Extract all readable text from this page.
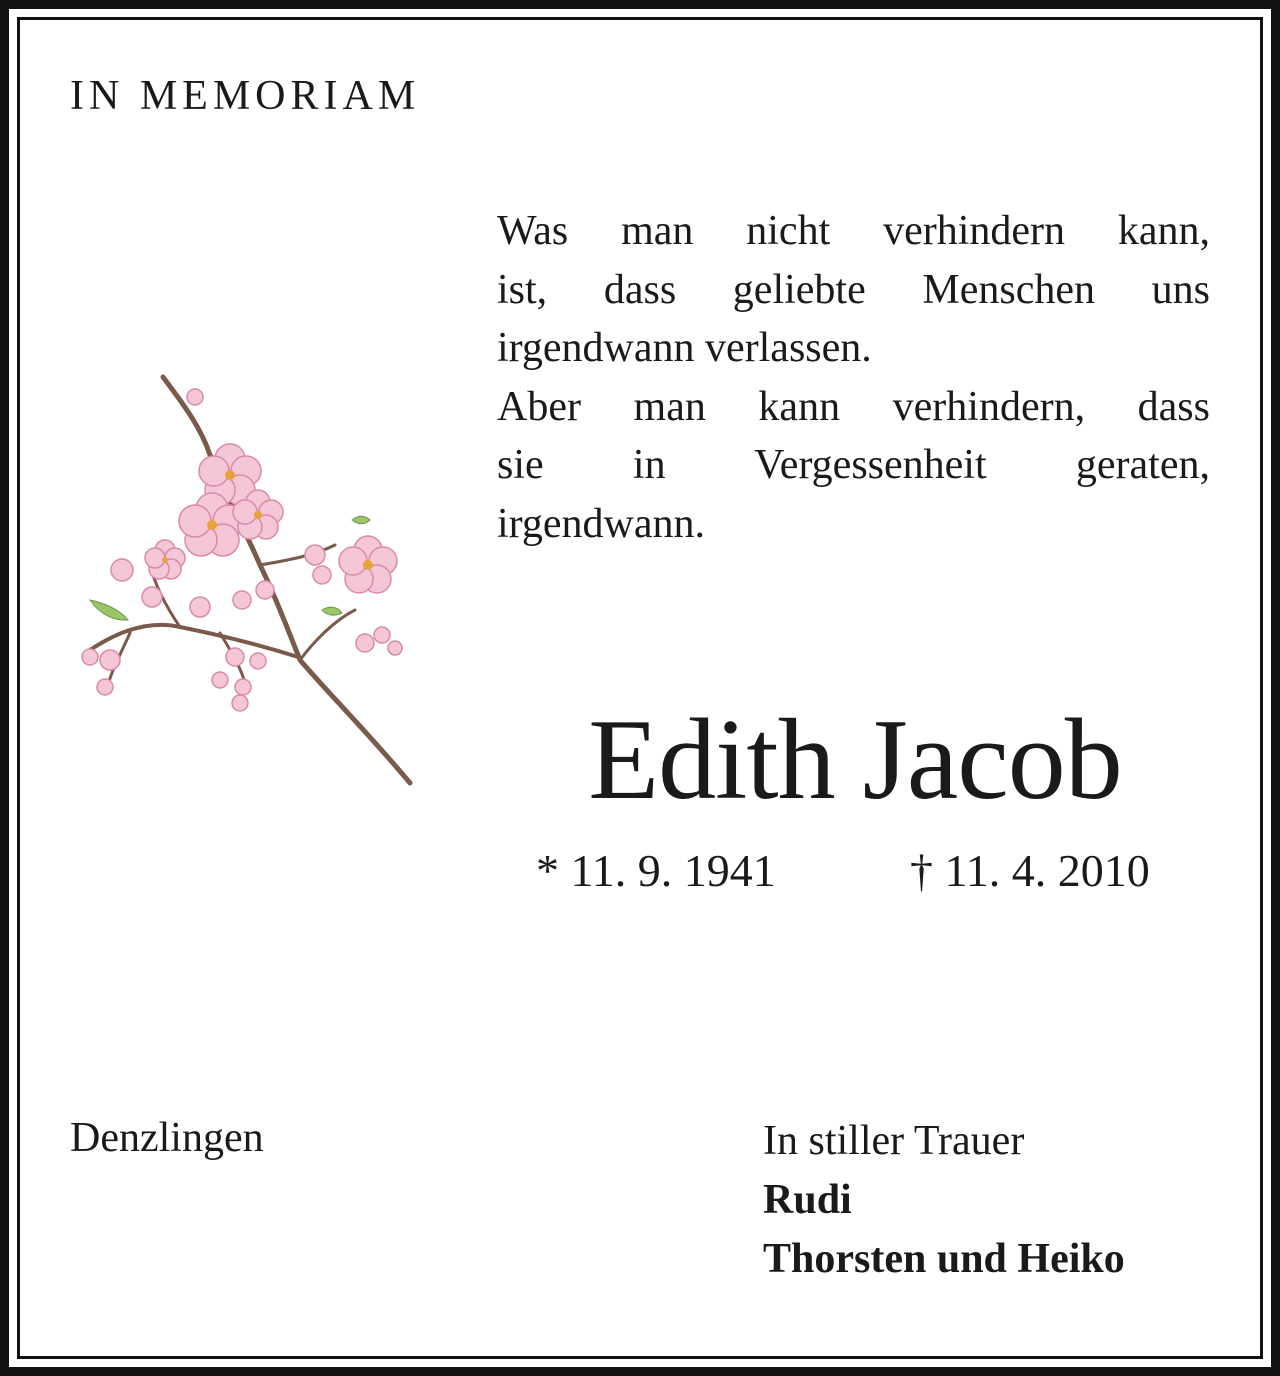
IN MEMORIAM
Was man nicht verhindern kann,
ist, dass geliebte Menschen uns
irgendwann verlassen.
Aber man kann verhindern, dass
sie in Vergessenheit geraten,
irgendwann.
Edith Jacob
* 11. 9. 1941	† 11. 4. 2010
Denzlingen	In stiller Trauer
Rudi
Thorsten und Heiko
